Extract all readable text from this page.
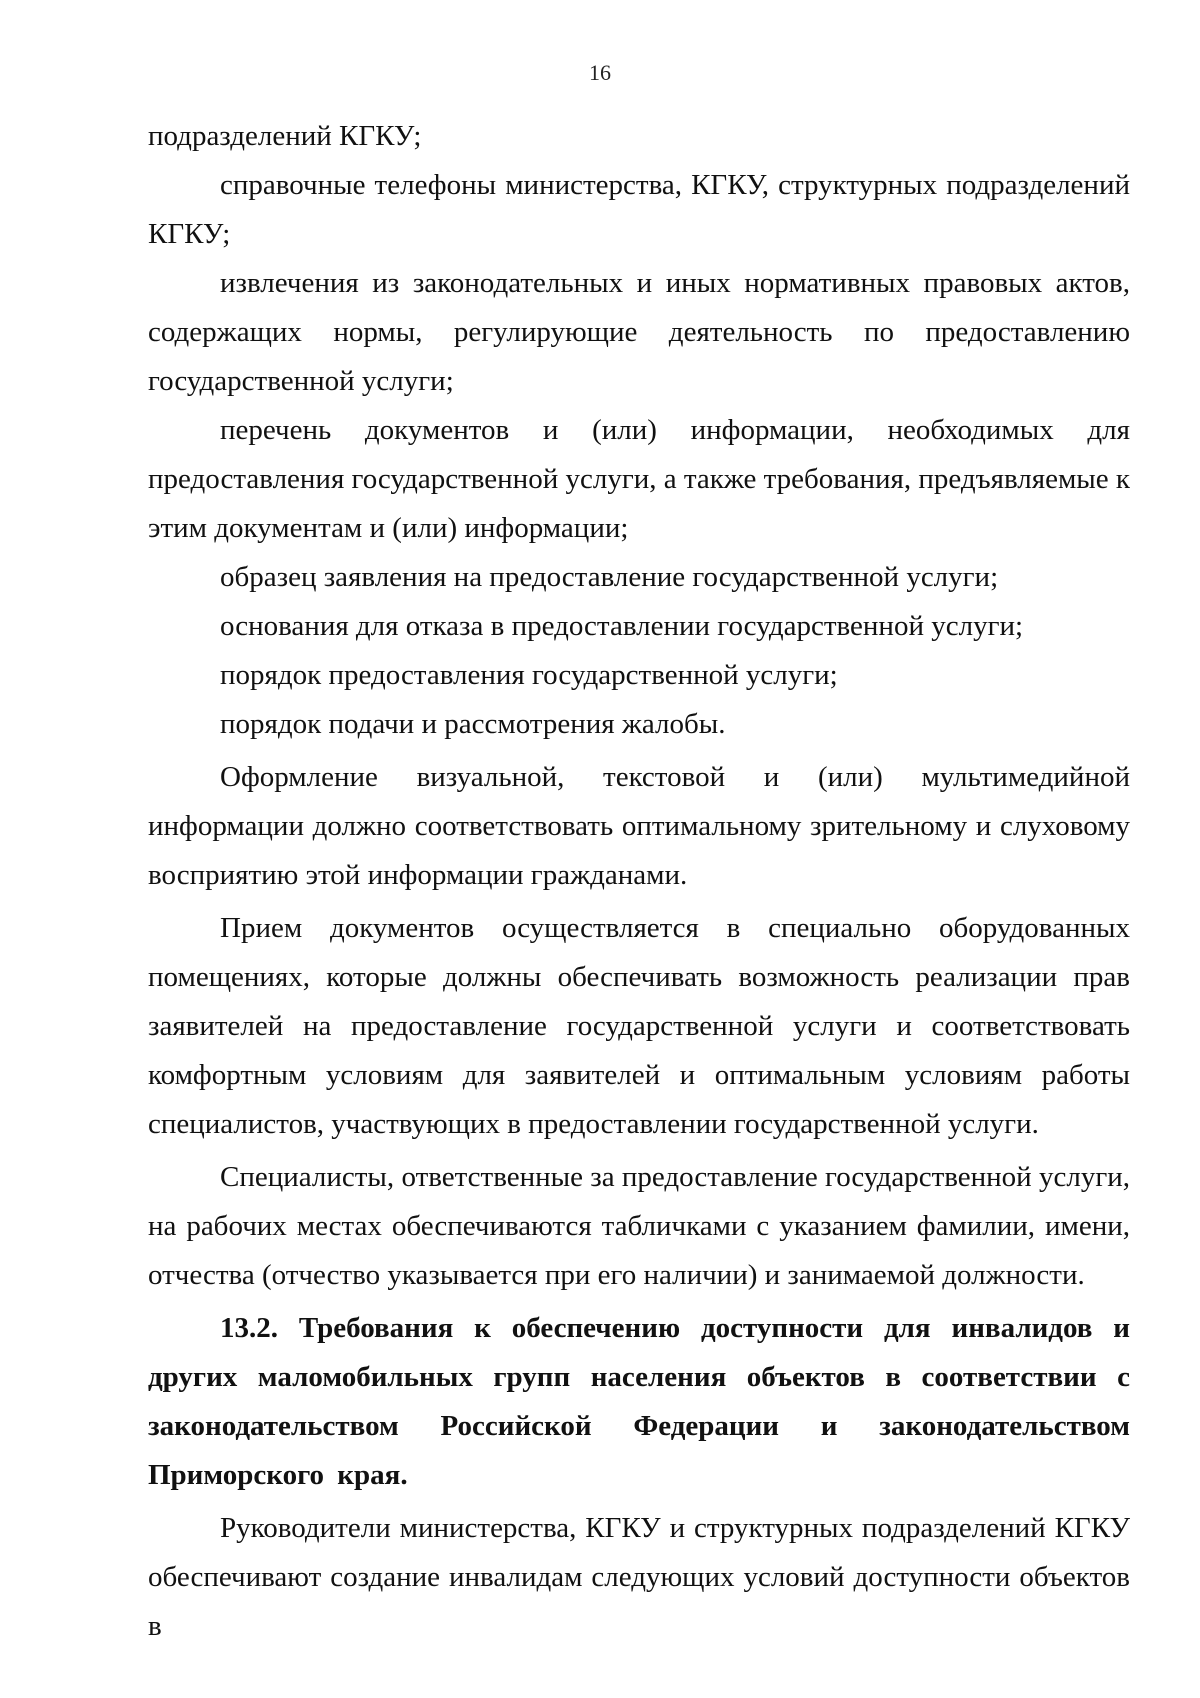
16

подразделений КГКУ;

справочные телефоны министерства, КГКУ, структурных подразделений КГКУ;

извлечения из законодательных и иных нормативных правовых актов, содержащих нормы, регулирующие деятельность по предоставлению государственной услуги;

перечень документов и (или) информации, необходимых для предоставления государственной услуги, а также требования, предъявляемые к этим документам и (или) информации;

образец заявления на предоставление государственной услуги;

основания для отказа в предоставлении государственной услуги;

порядок предоставления государственной услуги;

порядок подачи и рассмотрения жалобы.

Оформление визуальной, текстовой и (или) мультимедийной информации должно соответствовать оптимальному зрительному и слуховому восприятию этой информации гражданами.

Прием документов осуществляется в специально оборудованных помещениях, которые должны обеспечивать возможность реализации прав заявителей на предоставление государственной услуги и соответствовать комфортным условиям для заявителей и оптимальным условиям работы специалистов, участвующих в предоставлении государственной услуги.

Специалисты, ответственные за предоставление государственной услуги, на рабочих местах обеспечиваются табличками с указанием фамилии, имени, отчества (отчество указывается при его наличии) и занимаемой должности.

13.2. Требования к обеспечению доступности для инвалидов и других маломобильных групп населения объектов в соответствии с законодательством Российской Федерации и законодательством Приморского края.

Руководители министерства, КГКУ и структурных подразделений КГКУ обеспечивают создание инвалидам следующих условий доступности объектов в
